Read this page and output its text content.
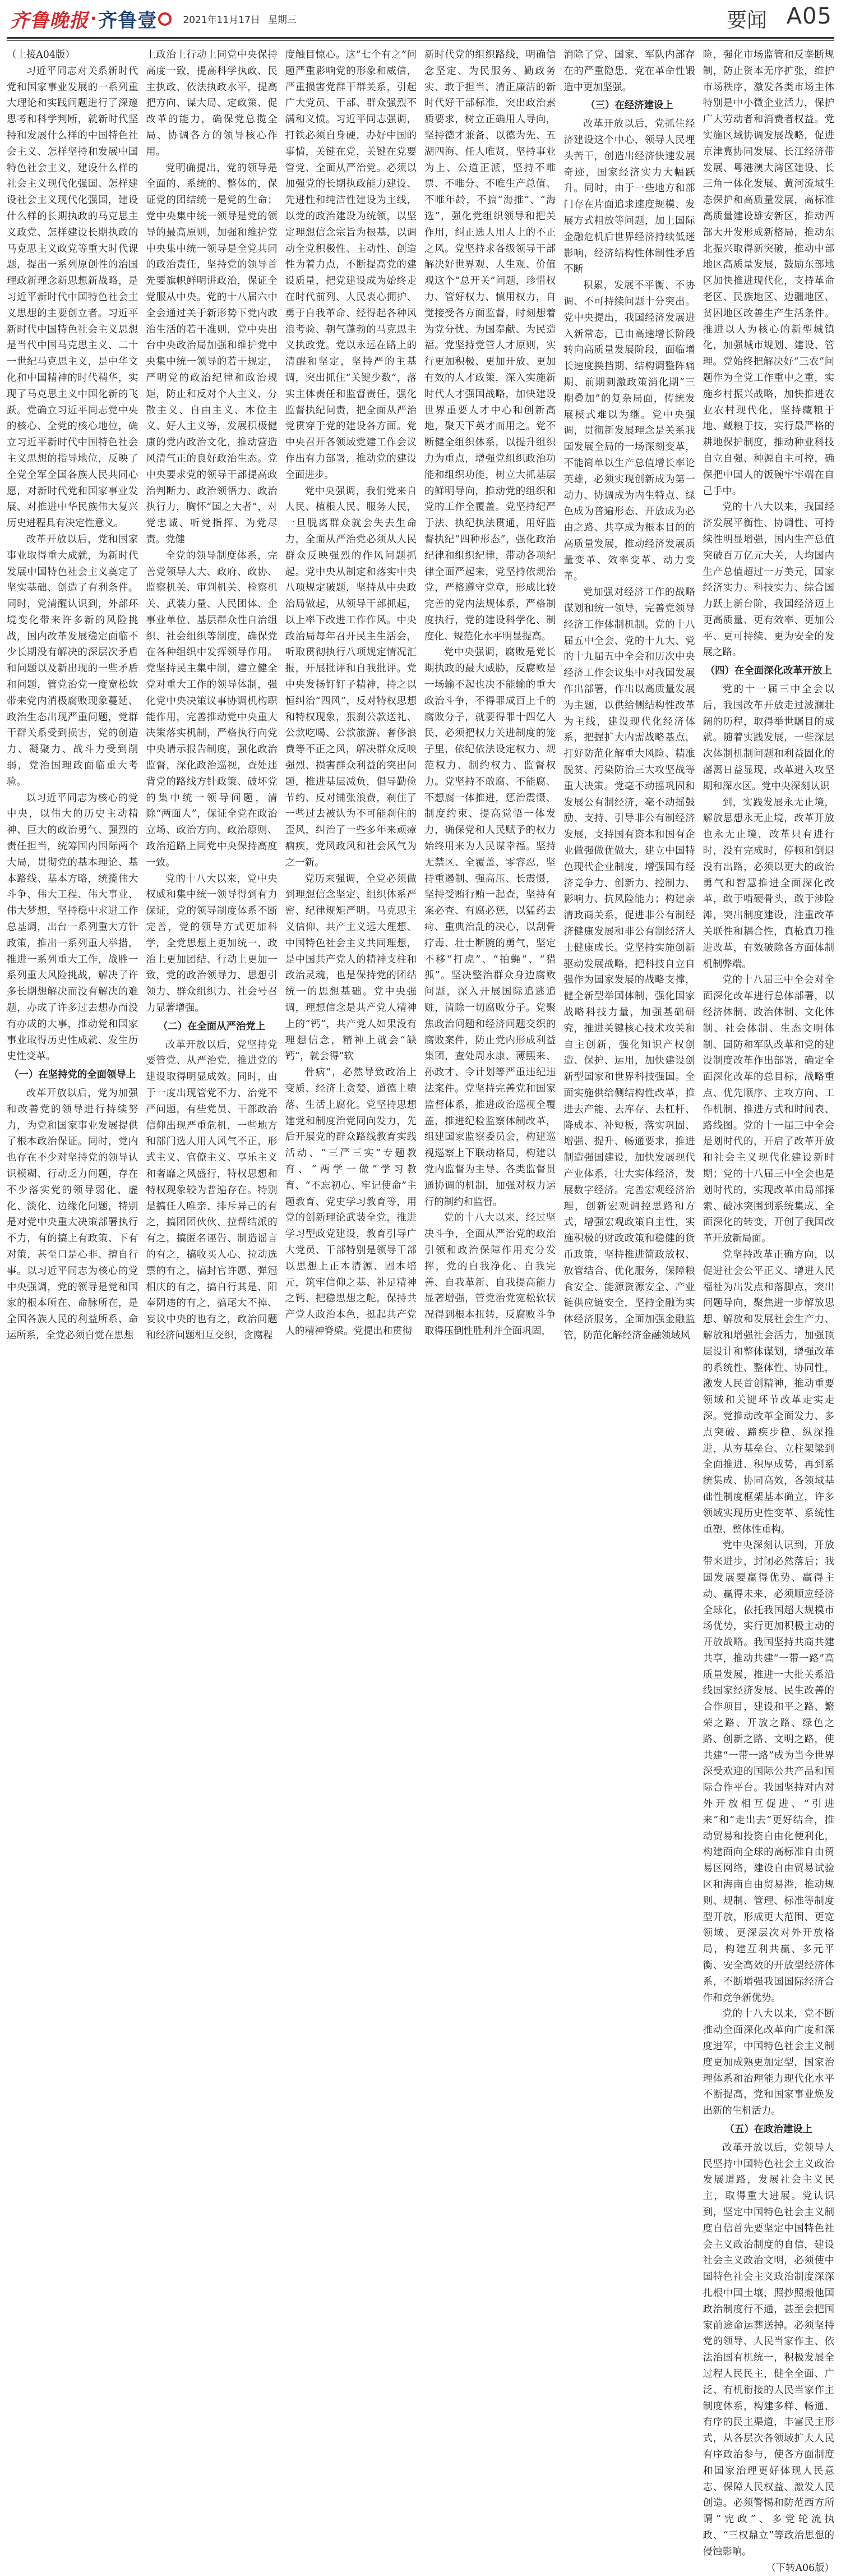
齐鲁晚报 · 齐鲁壹	2021年11月17日 星期三	要闻 A05

（上接A04版）

习近平同志对关系新时代党和国家事业发展的一系列重大理论和实践问题进行了深邃思考和科学判断，就新时代坚持和发展什么样的中国特色社会主义、怎样坚持和发展中国特色社会主义，建设什么样的社会主义现代化强国、怎样建设社会主义现代化强国，建设什么样的长期执政的马克思主义政党、怎样建设长期执政的马克思主义政党等重大时代课题，提出一系列原创性的治国理政新理念新思想新战略，是习近平新时代中国特色社会主义思想的主要创立者。习近平新时代中国特色社会主义思想是当代中国马克思主义、二十一世纪马克思主义，是中华文化和中国精神的时代精华，实现了马克思主义中国化新的飞跃。党确立习近平同志党中央的核心、全党的核心地位，确立习近平新时代中国特色社会主义思想的指导地位，反映了全党全军全国各族人民共同心愿，对新时代党和国家事业发展、对推进中华民族伟大复兴历史进程具有决定性意义。

改革开放以后，党和国家事业取得重大成就，为新时代发展中国特色社会主义奠定了坚实基础、创造了有利条件。同时，党清醒认识到，外部环境变化带来许多新的风险挑战，国内改革发展稳定面临不少长期没有解决的深层次矛盾和问题以及新出现的一些矛盾和问题，管党治党一度宽松软带来党内消极腐败现象蔓延、政治生态出现严重问题，党群干群关系受到损害，党的创造力、凝聚力、战斗力受到削弱，党治国理政面临重大考验。

以习近平同志为核心的党中央，以伟大的历史主动精神、巨大的政治勇气、强烈的责任担当，统筹国内国际两个大局，贯彻党的基本理论、基本路线、基本方略，统揽伟大斗争、伟大工程、伟大事业、伟大梦想，坚持稳中求进工作总基调，出台一系列重大方针政策，推出一系列重大举措，推进一系列重大工作，战胜一系列重大风险挑战，解决了许多长期想解决而没有解决的难题，办成了许多过去想办而没有办成的大事，推动党和国家事业取得历史性成就、发生历史性变革。

（一）在坚持党的全面领导上

改革开放以后，党为加强和改善党的领导进行持续努力，为党和国家事业发展提供了根本政治保证。同时，党内也存在不少对坚持党的领导认识模糊、行动乏力问题，存在不少落实党的领导弱化、虚化、淡化、边缘化问题，特别是对党中央重大决策部署执行不力，有的搞上有政策、下有对策，甚至口是心非、擅自行事。以习近平同志为核心的党中央强调，党的领导是党和国家的根本所在、命脉所在，是全国各族人民的利益所系、命运所系，全党必须自觉在思想

上政治上行动上同党中央保持高度一致，提高科学执政、民主执政、依法执政水平，提高把方向、谋大局、定政策、促改革的能力，确保党总揽全局、协调各方的领导核心作用。

党明确提出，党的领导是全面的、系统的、整体的，保证党的团结统一是党的生命；党中央集中统一领导是党的领导的最高原则，加强和维护党中央集中统一领导是全党共同的政治责任，坚持党的领导首先要旗帜鲜明讲政治，保证全党服从中央。党的十八届六中全会通过关于新形势下党内政治生活的若干准则，党中央出台中央政治局加强和维护党中央集中统一领导的若干规定，严明党的政治纪律和政治规矩，防止和反对个人主义、分散主义、自由主义、本位主义、好人主义等，发展积极健康的党内政治文化，推动营造风清气正的良好政治生态。党中央要求党的领导干部提高政治判断力、政治领悟力、政治执行力，胸怀“国之大者”，对党忠诚、听党指挥、为党尽责。党健

全党的领导制度体系，完善党领导人大、政府、政协、监察机关、审判机关、检察机关、武装力量、人民团体、企事业单位、基层群众性自治组织、社会组织等制度，确保党在各种组织中发挥领导作用。党坚持民主集中制，建立健全党对重大工作的领导体制，强化党中央决策议事协调机构职能作用，完善推动党中央重大决策落实机制，严格执行向党中央请示报告制度，强化政治监督，深化政治巡视，查处违背党的路线方针政策、破坏党的集中统一领导问题，清除“两面人”，保证全党在政治立场、政治方向、政治原则、政治道路上同党中央保持高度一致。

党的十八大以来，党中央权威和集中统一领导得到有力保证，党的领导制度体系不断完善，党的领导方式更加科学，全党思想上更加统一、政治上更加团结、行动上更加一致，党的政治领导力、思想引领力、群众组织力、社会号召力显著增强。

（二）在全面从严治党上

改革开放以后，党坚持党要管党、从严治党，推进党的建设取得明显成效。同时，由于一度出现管党不力、治党不严问题，有些党员、干部政治信仰出现严重危机，一些地方和部门选人用人风气不正，形式主义、官僚主义、享乐主义和奢靡之风盛行，特权思想和特权现象较为普遍存在。特别是搞任人唯亲、排斥异己的有之，搞团团伙伙、拉帮结派的有之，搞匿名诬告、制造谣言的有之，搞收买人心、拉动选票的有之，搞封官许愿、弹冠相庆的有之，搞自行其是、阳奉阴违的有之，搞尾大不掉、妄议中央的也有之，政治问题和经济问题相互交织，贪腐程

度触目惊心。这“七个有之”问题严重影响党的形象和威信，严重损害党群干群关系，引起广大党员、干部、群众强烈不满和义愤。习近平同志强调，打铁必须自身硬，办好中国的事情，关键在党，关键在党要管党、全面从严治党。必须以加强党的长期执政能力建设、先进性和纯洁性建设为主线，以党的政治建设为统领，以坚定理想信念宗旨为根基，以调动全党积极性、主动性、创造性为着力点，不断提高党的建设质量，把党建设成为始终走在时代前列、人民衷心拥护、勇于自我革命、经得起各种风浪考验、朝气蓬勃的马克思主义执政党。党以永远在路上的清醒和坚定，坚持严的主基调，突出抓住“关键少数”，落实主体责任和监督责任，强化监督执纪问责，把全面从严治党贯穿于党的建设各方面。党中央召开各领域党建工作会议作出有力部署，推动党的建设全面进步。

党中央强调，我们党来自人民、植根人民、服务人民，一旦脱离群众就会失去生命力，全面从严治党必须从人民群众反映强烈的作风问题抓起。党中央从制定和落实中央八项规定破题，坚持从中央政治局做起，从领导干部抓起，以上率下改进工作作风。中央政治局每年召开民主生活会，听取贯彻执行八项规定情况汇报，开展批评和自我批评。党中央发扬钉钉子精神，持之以恒纠治“四风”，反对特权思想和特权现象，狠刹公款送礼、公款吃喝、公款旅游、奢侈浪费等不正之风，解决群众反映强烈、损害群众利益的突出问题，推进基层减负，倡导勤俭节约、反对铺张浪费，刹住了一些过去被认为不可能刹住的歪风，纠治了一些多年来顽瘴痼疾，党风政风和社会风气为之一新。

党历来强调，全党必须做到理想信念坚定、组织体系严密、纪律规矩严明。马克思主义信仰、共产主义远大理想、中国特色社会主义共同理想，是中国共产党人的精神支柱和政治灵魂，也是保持党的团结统一的思想基础。党中央强调，理想信念是共产党人精神上的“钙”，共产党人如果没有理想信念，精神上就会“缺钙”，就会得“软

骨病”，必然导致政治上变质、经济上贪婪、道德上堕落、生活上腐化。党坚持思想建党和制度治党同向发力，先后开展党的群众路线教育实践活动、“三严三实”专题教育、“两学一做”学习教育、“不忘初心、牢记使命”主题教育、党史学习教育等，用党的创新理论武装全党，推进学习型政党建设，教育引导广大党员、干部特别是领导干部以思想上正本清源、固本培元，筑牢信仰之基、补足精神之钙、把稳思想之舵，保持共产党人政治本色，挺起共产党人的精神脊梁。党提出和贯彻

新时代党的组织路线，明确信念坚定、为民服务、勤政务实、敢于担当、清正廉洁的新时代好干部标准，突出政治素质要求，树立正确用人导向，坚持德才兼备、以德为先、五湖四海、任人唯贤，坚持事业为上、公道正派，坚持不唯票、不唯分、不唯生产总值、不唯年龄，不搞“海推”、“海选”，强化党组织领导和把关作用，纠正选人用人上的不正之风。党坚持求各级领导干部解决好世界观、人生观、价值观这个“总开关”问题，珍惜权力、管好权力、慎用权力，自觉接受各方面监督，时刻想着为党分忧、为国奉献、为民造福。党坚持党管人才原则，实行更加积极、更加开放、更加有效的人才政策，深入实施新时代人才强国战略，加快建设世界重要人才中心和创新高地，聚天下英才而用之。党不断健全组织体系，以提升组织力为重点，增强党组织政治功能和组织功能，树立大抓基层的鲜明导向，推动党的组织和党的工作全覆盖。党坚持纪严于法、执纪执法贯通，用好监督执纪“四种形态”，强化政治纪律和组织纪律，带动各项纪律全面严起来，党坚持依规治党，严格遵守党章，形成比较完善的党内法规体系，严格制度执行，党的建设科学化、制度化、规范化水平明显提高。

党中央强调，腐败是党长期执政的最大威胁，反腐败是一场输不起也决不能输的重大政治斗争，不得罪成百上千的腐败分子，就要得罪十四亿人民，必须把权力关进制度的笼子里，依纪依法设定权力、规范权力、制约权力、监督权力。党坚持不敢腐、不能腐、不想腐一体推进，惩治震慑、制度约束、提高觉悟一体发力，确保党和人民赋予的权力始终用来为人民谋幸福。坚持无禁区、全覆盖、零容忍，坚持重遏制、强高压、长震慑，坚持受贿行贿一起查，坚持有案必查、有腐必惩，以猛药去疴、重典治乱的决心，以刮骨疗毒、壮士断腕的勇气，坚定不移“打虎”、“拍蝇”、“猎狐”。坚决整治群众身边腐败问题，深入开展国际追逃追赃，清除一切腐败分子。党聚焦政治问题和经济问题交织的腐败案件，防止党内形成利益集团，查处周永康、薄熙来、孙政才、令计划等严重违纪违法案件。党坚持完善党和国家监督体系，推进政治巡视全覆盖，推进纪检监察体制改革，组建国家监察委员会，构建巡视巡察上下联动格局，构建以党内监督为主导、各类监督贯通协调的机制，加强对权力运行的制约和监督。

党的十八大以来，经过坚决斗争，全面从严治党的政治引领和政治保障作用充分发挥，党的自我净化、自我完善、自我革新、自我提高能力显著增强，管党治党宽松软状况得到根本扭转，反腐败斗争取得压倒性胜利并全面巩固，

消除了党、国家、军队内部存在的严重隐患，党在革命性锻造中更加坚强。

（三）在经济建设上

改革开放以后，党抓住经济建设这个中心，领导人民埋头苦干，创造出经济快速发展奇迹，国家经济实力大幅跃升。同时，由于一些地方和部门存在片面追求速度规模、发展方式粗放等问题，加上国际金融危机后世界经济持续低迷影响，经济结构性体制性矛盾不断

积累，发展不平衡、不协调、不可持续问题十分突出。党中央提出，我国经济发展进入新常态，已由高速增长阶段转向高质量发展阶段，面临增长速度换挡期、结构调整阵痛期、前期刺激政策消化期“三期叠加”的复杂局面，传统发展模式难以为继。党中央强调，贯彻新发展理念是关系我国发展全局的一场深刻变革，不能简单以生产总值增长率论英雄，必须实现创新成为第一动力、协调成为内生特点、绿色成为普遍形态、开放成为必由之路、共享成为根本目的的高质量发展，推动经济发展质量变革、效率变革、动力变革。

党加强对经济工作的战略谋划和统一领导，完善党领导经济工作体制机制。党的十八届五中全会、党的十九大、党的十九届五中全会和历次中央经济工作会议集中对我国发展作出部署，作出以高质量发展为主题，以供给侧结构性改革为主线，建设现代化经济体系，把握扩大内需战略基点，打好防范化解重大风险、精准脱贫、污染防治三大攻坚战等重大决策。党毫不动摇巩固和发展公有制经济，毫不动摇鼓励、支持、引导非公有制经济发展，支持国有资本和国有企业做强做优做大，建立中国特色现代企业制度，增强国有经济竞争力、创新力、控制力、影响力、抗风险能力；构建亲清政商关系，促进非公有制经济健康发展和非公有制经济人士健康成长。党坚持实施创新驱动发展战略，把科技自立自强作为国家发展的战略支撑，健全新型举国体制，强化国家战略科技力量，加强基础研究，推进关键核心技术攻关和自主创新，强化知识产权创造、保护、运用，加快建设创新型国家和世界科技强国。全面实施供给侧结构性改革，推进去产能、去库存、去杠杆、降成本、补短板，落实巩固、增强、提升、畅通要求，推进制造强国建设，加快发展现代产业体系，壮大实体经济，发展数字经济。完善宏观经济治理，创新宏观调控思路和方式，增强宏观政策自主性，实施积极的财政政策和稳健的货币政策，坚持推进简政放权、放管结合、优化服务，保障粮食安全、能源资源安全、产业链供应链安全，坚持金融为实体经济服务，全面加强金融监管，防范化解经济金融领域风

险，强化市场监管和反垄断规制，防止资本无序扩张，维护市场秩序，激发各类市场主体特别是中小微企业活力，保护广大劳动者和消费者权益。党实施区域协调发展战略，促进京津冀协同发展、长江经济带发展、粤港澳大湾区建设、长三角一体化发展、黄河流域生态保护和高质量发展，高标准高质量建设雄安新区，推动西部大开发形成新格局，推动东北振兴取得新突破，推动中部地区高质量发展，鼓励东部地区加快推进现代化，支持革命老区、民族地区、边疆地区、贫困地区改善生产生活条件。推进以人为核心的新型城镇化，加强城市规划、建设、管理。党始终把解决好“三农”问题作为全党工作重中之重，实施乡村振兴战略，加快推进农业农村现代化，坚持藏粮于地、藏粮于技，实行最严格的耕地保护制度，推动种业科技自立自强、种源自主可控，确保把中国人的饭碗牢牢端在自己手中。

党的十八大以来，我国经济发展平衡性、协调性、可持续性明显增强，国内生产总值突破百万亿元大关，人均国内生产总值超过一万美元，国家经济实力、科技实力、综合国力跃上新台阶，我国经济迈上更高质量、更有效率、更加公平、更可持续、更为安全的发展之路。

（四）在全面深化改革开放上

党的十一届三中全会以后，我国改革开放走过波澜壮阔的历程，取得举世瞩目的成就。随着实践发展，一些深层次体制机制问题和利益固化的藩篱日益显现，改革进入攻坚期和深水区。党中央深刻认识

到，实践发展永无止境，解放思想永无止境，改革开放也永无止境，改革只有进行时，没有完成时，停顿和倒退没有出路，必须以更大的政治勇气和智慧推进全面深化改革，敢于啃硬骨头，敢于涉险滩，突出制度建设，注重改革关联性和耦合性，真枪真刀推进改革，有效破除各方面体制机制弊端。

党的十八届三中全会对全面深化改革进行总体部署，以经济体制、政治体制、文化体制、社会体制、生态文明体制、国防和军队改革和党的建设制度改革作出部署，确定全面深化改革的总目标，战略重点、优先顺序、主攻方向、工作机制、推进方式和时间表、路线图。党的十一届三中全会是划时代的，开启了改革开放和社会主义现代化建设新时期；党的十八届三中全会也是划时代的，实现改革由局部探索、破冰突围到系统集成、全面深化的转变，开创了我国改革开放新局面。

党坚持改革正确方向，以促进社会公平正义、增进人民福祉为出发点和落脚点，突出问题导向，聚焦进一步解放思想、解放和发展社会生产力、解放和增强社会活力，加强顶层设计和整体谋划，增强改革的系统性、整体性、协同性，激发人民首创精神，推动重要领域和关键环节改革走实走深。党推动改革全面发力、多点突破、蹄疾步稳、纵深推进，从夯基垒台、立柱架梁到全面推进、积厚成势，再到系统集成、协同高效，各领域基础性制度框架基本确立，许多领域实现历史性变革、系统性重塑、整体性重构。

党中央深刻认识到，开放带来进步，封闭必然落后；我国发展要赢得优势、赢得主动、赢得未来，必须顺应经济全球化，依托我国超大规模市场优势，实行更加积极主动的开放战略。我国坚持共商共建共享，推动共建“一带一路”高质量发展，推进一大批关系沿线国家经济发展、民生改善的合作项目，建设和平之路、繁荣之路、开放之路、绿色之路、创新之路、文明之路，使共建“一带一路”成为当今世界深受欢迎的国际公共产品和国际合作平台。我国坚持对内对外开放相互促进、“引进来”和“走出去”更好结合，推动贸易和投资自由化便利化，构建面向全球的高标准自由贸易区网络，建设自由贸易试验区和海南自由贸易港，推动规则、规制、管理、标准等制度型开放，形成更大范围、更宽领域、更深层次对外开放格局，构建互利共赢、多元平衡、安全高效的开放型经济体系，不断增强我国国际经济合作和竞争新优势。

党的十八大以来，党不断推动全面深化改革向广度和深度进军，中国特色社会主义制度更加成熟更加定型，国家治理体系和治理能力现代化水平不断提高，党和国家事业焕发出新的生机活力。

（五）在政治建设上

改革开放以后，党领导人民坚持中国特色社会主义政治发展道路，发展社会主义民主，取得重大进展。党认识到，坚定中国特色社会主义制度自信首先要坚定中国特色社会主义政治制度的自信，建设社会主义政治文明，必须使中国特色社会主义政治制度深深扎根中国土壤，照抄照搬他国政治制度行不通，甚至会把国家前途命运葬送掉。必须坚持党的领导、人民当家作主、依法治国有机统一，积极发展全过程人民民主，健全全面、广泛、有机衔接的人民当家作主制度体系，构建多样、畅通、有序的民主渠道，丰富民主形式，从各层次各领域扩大人民有序政治参与，使各方面制度和国家治理更好体现人民意志、保障人民权益、激发人民创造。必须警惕和防范西方所谓“宪政”、多党轮流执政、“三权鼎立”等政治思想的侵蚀影响。

（下转A06版）
